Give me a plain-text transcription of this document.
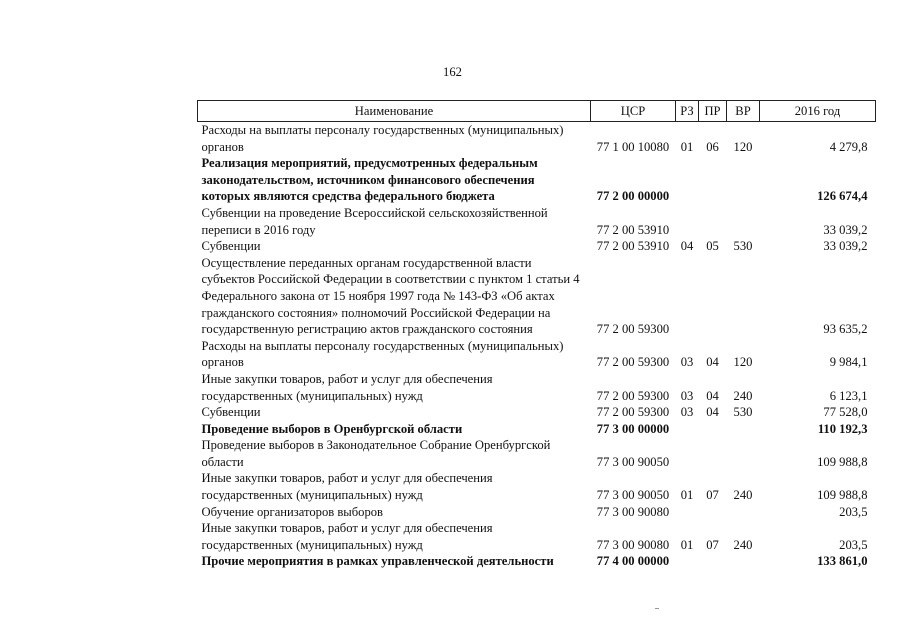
162
Наименование	ЦСР	РЗ	ПР	ВР	2016 год
Расходы на выплаты персоналу государственных (муниципальных) органов	77 1 00 10080	01	06	120	4 279,8
Реализация мероприятий, предусмотренных федеральным законодательством, источником финансового обеспечения которых являются средства федерального бюджета	77 2 00 00000				126 674,4
Субвенции на проведение Всероссийской сельскохозяйственной переписи в 2016 году	77 2 00 53910				33 039,2
Субвенции	77 2 00 53910	04	05	530	33 039,2
Осуществление переданных органам государственной власти субъектов Российской Федерации в соответствии с пунктом 1 статьи 4 Федерального закона от 15 ноября 1997 года № 143-ФЗ «Об актах гражданского состояния» полномочий Российской Федерации на государственную регистрацию актов гражданского состояния	77 2 00 59300				93 635,2
Расходы на выплаты персоналу государственных (муниципальных) органов	77 2 00 59300	03	04	120	9 984,1
Иные закупки товаров, работ и услуг для обеспечения государственных (муниципальных) нужд	77 2 00 59300	03	04	240	6 123,1
Субвенции	77 2 00 59300	03	04	530	77 528,0
Проведение выборов в Оренбургской области	77 3 00 00000				110 192,3
Проведение выборов в Законодательное Собрание Оренбургской области	77 3 00 90050				109 988,8
Иные закупки товаров, работ и услуг для обеспечения государственных (муниципальных) нужд	77 3 00 90050	01	07	240	109 988,8
Обучение организаторов выборов	77 3 00 90080				203,5
Иные закупки товаров, работ и услуг для обеспечения государственных (муниципальных) нужд	77 3 00 90080	01	07	240	203,5
Прочие мероприятия в рамках управленческой деятельности	77 4 00 00000				133 861,0
